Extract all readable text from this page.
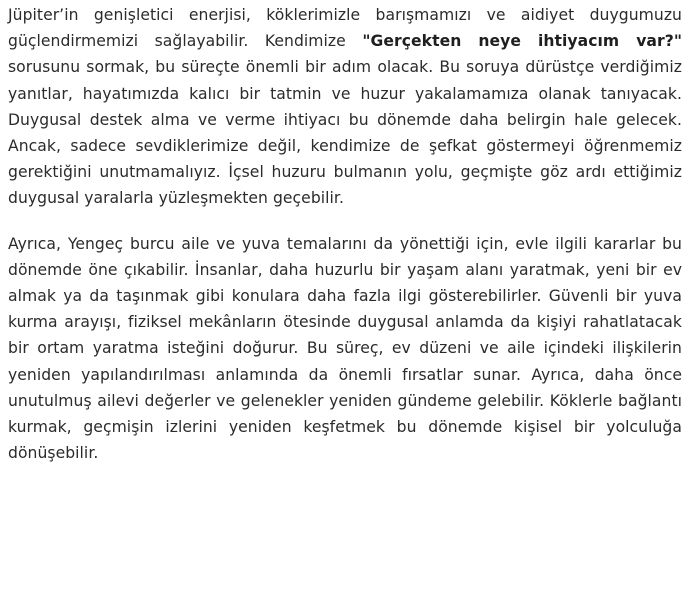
Jüpiter’in genişletici enerjisi, köklerimizle barışmamızı ve aidiyet duygumuzu güçlendirmemizi sağlayabilir. Kendimize "Gerçekten neye ihtiyacım var?" sorusunu sormak, bu süreçte önemli bir adım olacak. Bu soruya dürüstçe verdiğimiz yanıtlar, hayatımızda kalıcı bir tatmin ve huzur yakalamamıza olanak tanıyacak. Duygusal destek alma ve verme ihtiyacı bu dönemde daha belirgin hale gelecek. Ancak, sadece sevdiklerimize değil, kendimize de şefkat göstermeyi öğrenmemiz gerektiğini unutmamalıyız. İçsel huzuru bulmanın yolu, geçmişte göz ardı ettiğimiz duygusal yaralarla yüzleşmekten geçebilir.

Ayrıca, Yengeç burcu aile ve yuva temalarını da yönettiği için, evle ilgili kararlar bu dönemde öne çıkabilir. İnsanlar, daha huzurlu bir yaşam alanı yaratmak, yeni bir ev almak ya da taşınmak gibi konulara daha fazla ilgi gösterebilirler. Güvenli bir yuva kurma arayışı, fiziksel mekânların ötesinde duygusal anlamda da kişiyi rahatlatacak bir ortam yaratma isteğini doğurur. Bu süreç, ev düzeni ve aile içindeki ilişkilerin yeniden yapılandırılması anlamında da önemli fırsatlar sunar. Ayrıca, daha önce unutulmuş ailevi değerler ve gelenekler yeniden gündeme gelebilir. Köklerle bağlantı kurmak, geçmişin izlerini yeniden keşfetmek bu dönemde kişisel bir yolculuğa dönüşebilir.
